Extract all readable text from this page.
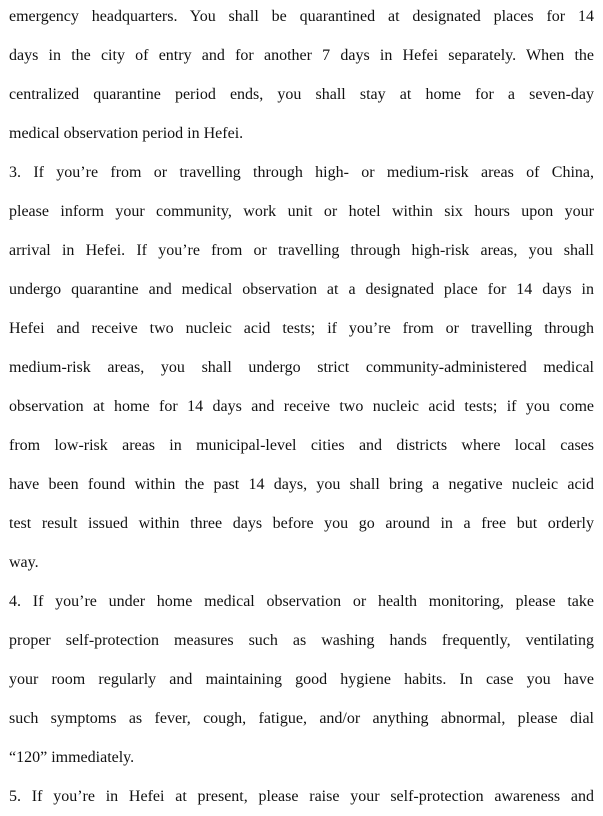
emergency headquarters. You shall be quarantined at designated places for 14
days in the city of entry and for another 7 days in Hefei separately. When the
centralized quarantine period ends, you shall stay at home for a seven-day
medical observation period in Hefei.
3. If you’re from or travelling through high- or medium-risk areas of China,
please inform your community, work unit or hotel within six hours upon your
arrival in Hefei. If you’re from or travelling through high-risk areas, you shall
undergo quarantine and medical observation at a designated place for 14 days in
Hefei and receive two nucleic acid tests; if you’re from or travelling through
medium-risk areas, you shall undergo strict community-administered medical
observation at home for 14 days and receive two nucleic acid tests; if you come
from low-risk areas in municipal-level cities and districts where local cases
have been found within the past 14 days, you shall bring a negative nucleic acid
test result issued within three days before you go around in a free but orderly
way.
4. If you’re under home medical observation or health monitoring, please take
proper self-protection measures such as washing hands frequently, ventilating
your room regularly and maintaining good hygiene habits. In case you have
such symptoms as fever, cough, fatigue, and/or anything abnormal, please dial
“120” immediately.
5. If you’re in Hefei at present, please raise your self-protection awareness and
